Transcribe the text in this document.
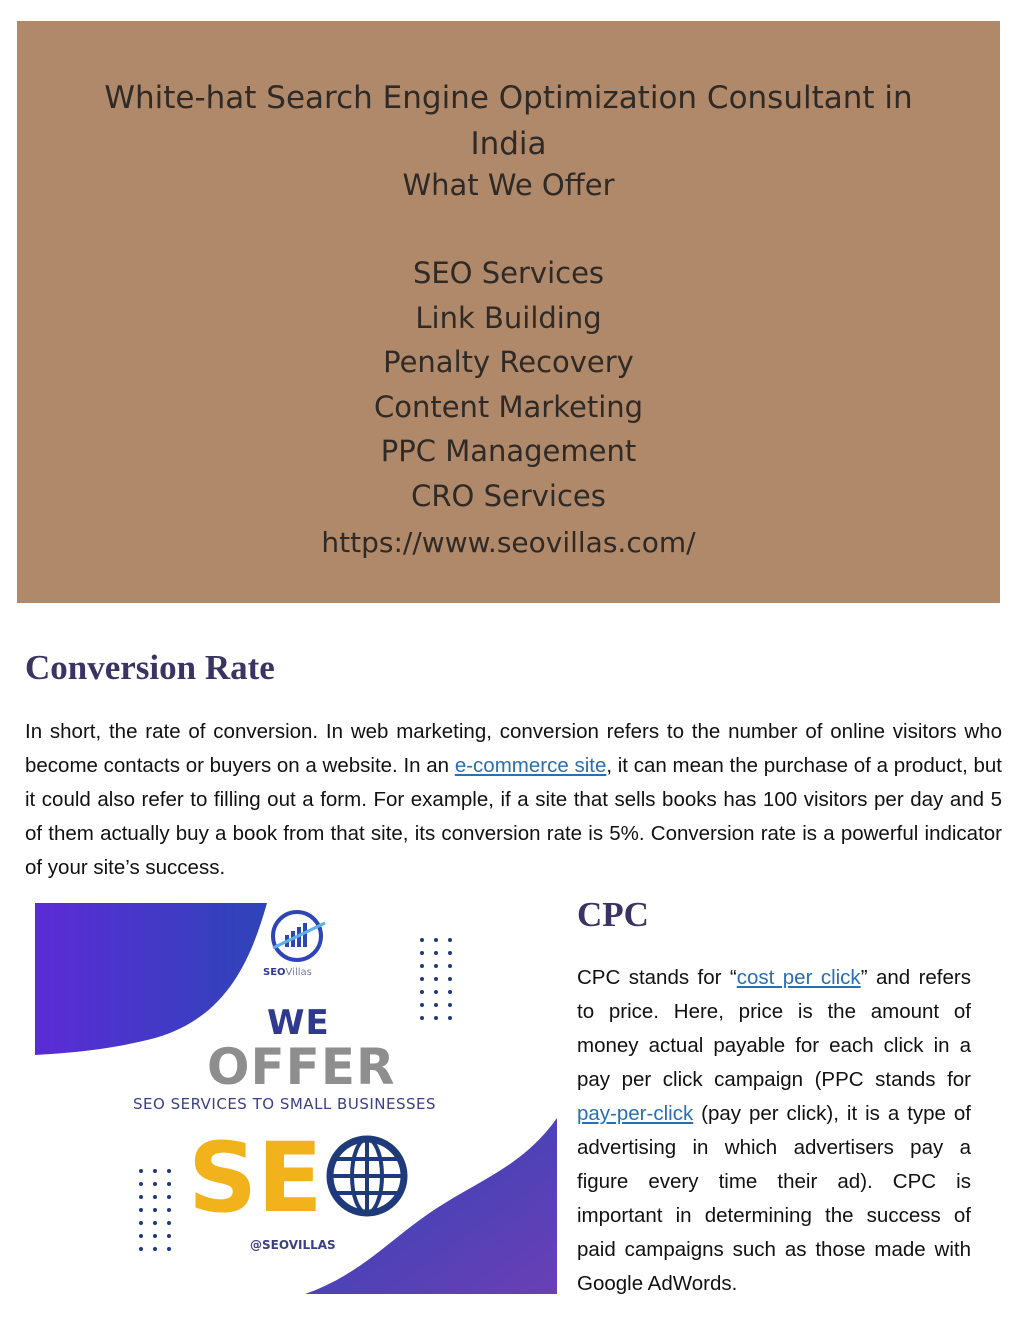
White-hat Search Engine Optimization Consultant in
India
What We Offer
SEO Services
Link Building
Penalty Recovery
Content Marketing
PPC Management
CRO Services
https://www.seovillas.com/
Conversion Rate

In short, the rate of conversion. In web marketing, conversion refers to the number of online visitors who become contacts or buyers on a website. In an e-commerce site, it can mean the purchase of a product, but it could also refer to filling out a form. For example, if a site that sells books has 100 visitors per day and 5 of them actually buy a book from that site, its conversion rate is 5%. Conversion rate is a powerful indicator of your site’s success.

SE
SEOVillas
WE
OFFER
SEO SERVICES TO SMALL BUSINESSES
@SEOVILLAS
CPC

CPC stands for “cost per click” and refers to price. Here, price is the amount of money actual payable for each click in a pay per click campaign (PPC stands for pay-per-click (pay per click), it is a type of advertising in which advertisers pay a figure every time their ad). CPC is important in determining the success of paid campaigns such as those made with Google AdWords.
